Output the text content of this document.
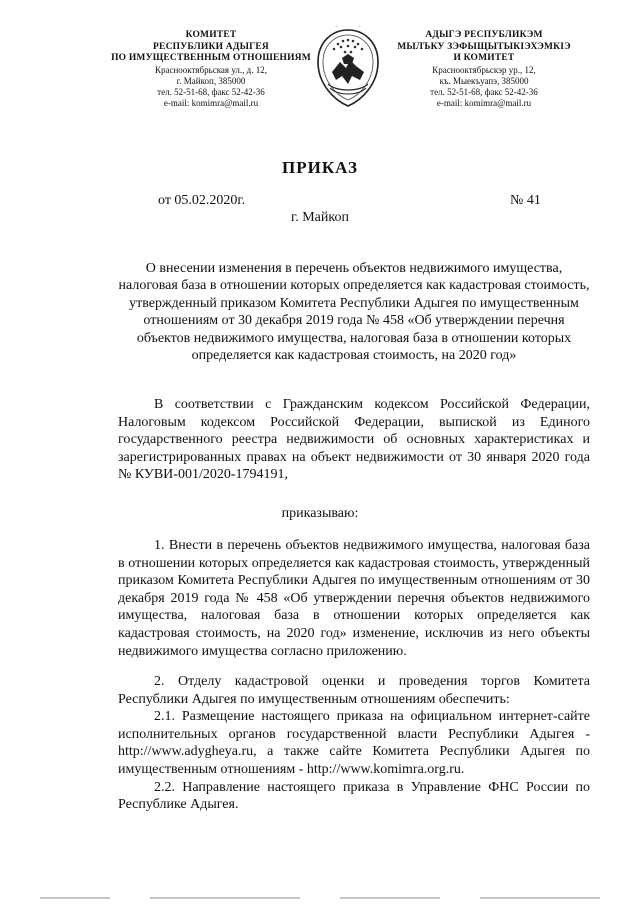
КОМИТЕТ
РЕСПУБЛИКИ АДЫГЕЯ
ПО ИМУЩЕСТВЕННЫМ ОТНОШЕНИЯМ
Краснооктябрьская ул., д. 12,
г. Майкоп, 385000
тел. 52-51-68, факс 52-42-36
e-mail: komimra@mail.ru
АДЫГЭ РЕСПУБЛИКЭМ
МЫЛЪКУ ЗЭФЫЩЫТЫКIЭХЭМКIЭ
И КОМИТЕТ
Краснооктябрьскэр ур., 12,
къ. Мыекъуапэ, 385000
тел. 52-51-68, факс 52-42-36
e-mail: komimra@mail.ru
ПРИКАЗ
от 05.02.2020г.	№ 41
г. Майкоп
О внесении изменения в перечень объектов недвижимого имущества, налоговая база в отношении которых определяется как кадастровая стоимость, утвержденный приказом Комитета Республики Адыгея по имущественным отношениям от 30 декабря 2019 года № 458 «Об утверждении перечня объектов недвижимого имущества, налоговая база в отношении которых определяется как кадастровая стоимость, на 2020 год»

В соответствии с Гражданским кодексом Российской Федерации, Налоговым кодексом Российской Федерации, выпиской из Единого государственного реестра недвижимости об основных характеристиках и зарегистрированных правах на объект недвижимости от 30 января 2020 года № КУВИ-001/2020-1794191,

приказываю:

1. Внести в перечень объектов недвижимого имущества, налоговая база в отношении которых определяется как кадастровая стоимость, утвержденный приказом Комитета Республики Адыгея по имущественным отношениям от 30 декабря 2019 года № 458 «Об утверждении перечня объектов недвижимого имущества, налоговая база в отношении которых определяется как кадастровая стоимость, на 2020 год» изменение, исключив из него объекты недвижимого имущества согласно приложению.

2. Отделу кадастровой оценки и проведения торгов Комитета Республики Адыгея по имущественным отношениям обеспечить:

2.1. Размещение настоящего приказа на официальном интернет-сайте исполнительных органов государственной власти Республики Адыгея - http://www.adygheya.ru, а также сайте Комитета Республики Адыгея по имущественным отношениям - http://www.komimra.org.ru.

2.2. Направление настоящего приказа в Управление ФНС России по Республике Адыгея.
